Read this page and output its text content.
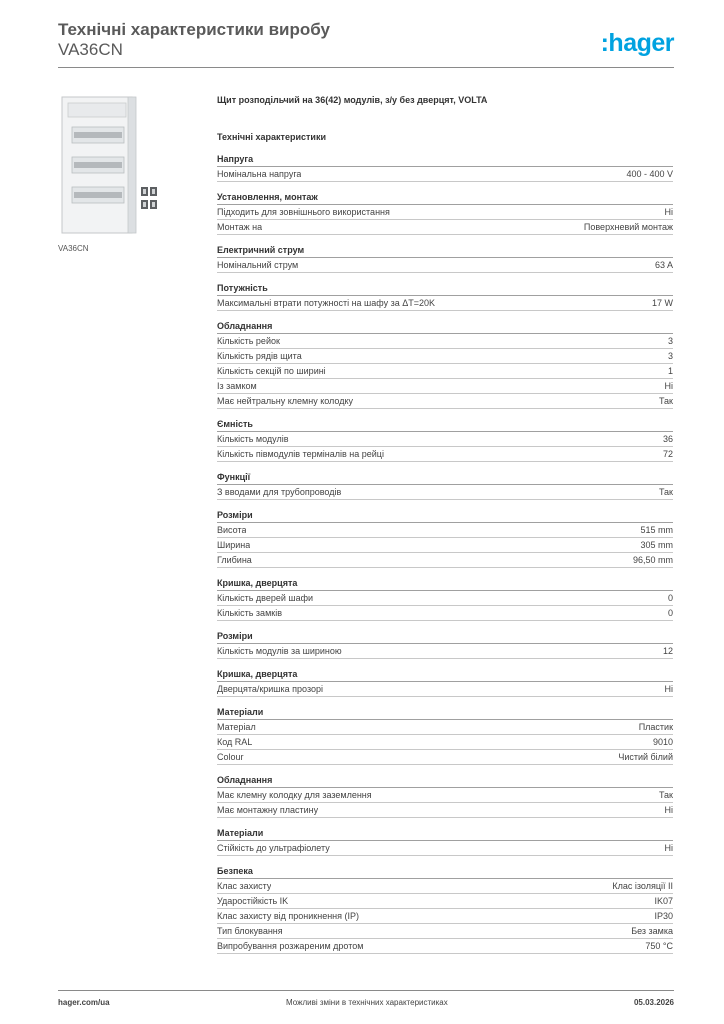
Технічні характеристики виробу

VA36CN	:hager
VA36CN
Щит розподільчий на 36(42) модулів, з/у без дверцят, VOLTA
Технічні характеристики
Напруга
Номінальна напруга	400 - 400 V
Установлення, монтаж
Підходить для зовнішнього використання	Ні
Монтаж на	Поверхневий монтаж
Електричний струм
Номінальний струм	63 A
Потужність
Максимальні втрати потужності на шафу за ΔT=20K	17 W
Обладнання
Кількість рейок	3
Кількість рядів щита	3
Кількість секцій по ширині	1
Із замком	Ні
Має нейтральну клемну колодку	Так
Ємність
Кількість модулів	36
Кількість півмодулів терміналів на рейці	72
Функції
З вводами для трубопроводів	Так
Розміри
Висота	515 mm
Ширина	305 mm
Глибина	96,50 mm
Кришка, дверцята
Кількість дверей шафи	0
Кількість замків	0
Розміри
Кількість модулів за шириною	12
Кришка, дверцята
Дверцята/кришка прозорі	Ні
Матеріали
Матеріал	Пластик
Код RAL	9010
Colour	Чистий білий
Обладнання
Має клемну колодку для заземлення	Так
Має монтажну пластину	Ні
Матеріали
Стійкість до ультрафіолету	Ні
Безпека
Клас захисту	Клас ізоляції II
Ударостійкість IK	IK07
Клас захисту від проникнення (IP)	IP30
Тип блокування	Без замка
Випробування розжареним дротом	750 °C
hager.com/ua	Можливі зміни в технічних характеристиках	05.03.2026
